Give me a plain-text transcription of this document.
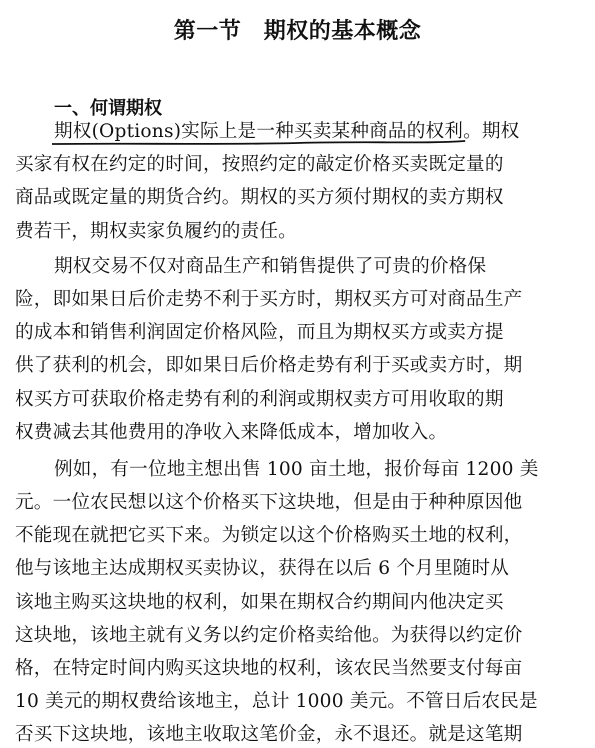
第一节　期权的基本概念
一、何谓期权
期权(Options)实际上是一种买卖某种商品的权利
。期权
买家有权在约定的时间，按照约定的敲定价格买卖既定量的
商品或既定量的期货合约。期权的买方须付期权的卖方期权
费若干，期权卖家负履约的责任。
期权交易不仅对商品生产和销售提供了可贵的价格保
险，即如果日后价走势不利于买方时，期权买方可对商品生产
的成本和销售利润固定价格风险，而且为期权买方或卖方提
供了获利的机会，即如果日后价格走势有利于买或卖方时，期
权买方可获取价格走势有利的利润或期权卖方可用收取的期
权费减去其他费用的净收入来降低成本，增加收入。
例如，有一位地主想出售 100 亩土地，报价每亩 1200 美
元。一位农民想以这个价格买下这块地，但是由于种种原因他
不能现在就把它买下来。为锁定以这个价格购买土地的权利，
他与该地主达成期权买卖协议，获得在以后 6 个月里随时从
该地主购买这块地的权利，如果在期权合约期间内他决定买
这块地，该地主就有义务以约定价格卖给他。为获得以约定价
格，在特定时间内购买这块地的权利，该农民当然要支付每亩
10 美元的期权费给该地主，总计 1000 美元。不管日后农民是
否买下这块地，该地主收取这笔价金，永不退还。就是这笔期
